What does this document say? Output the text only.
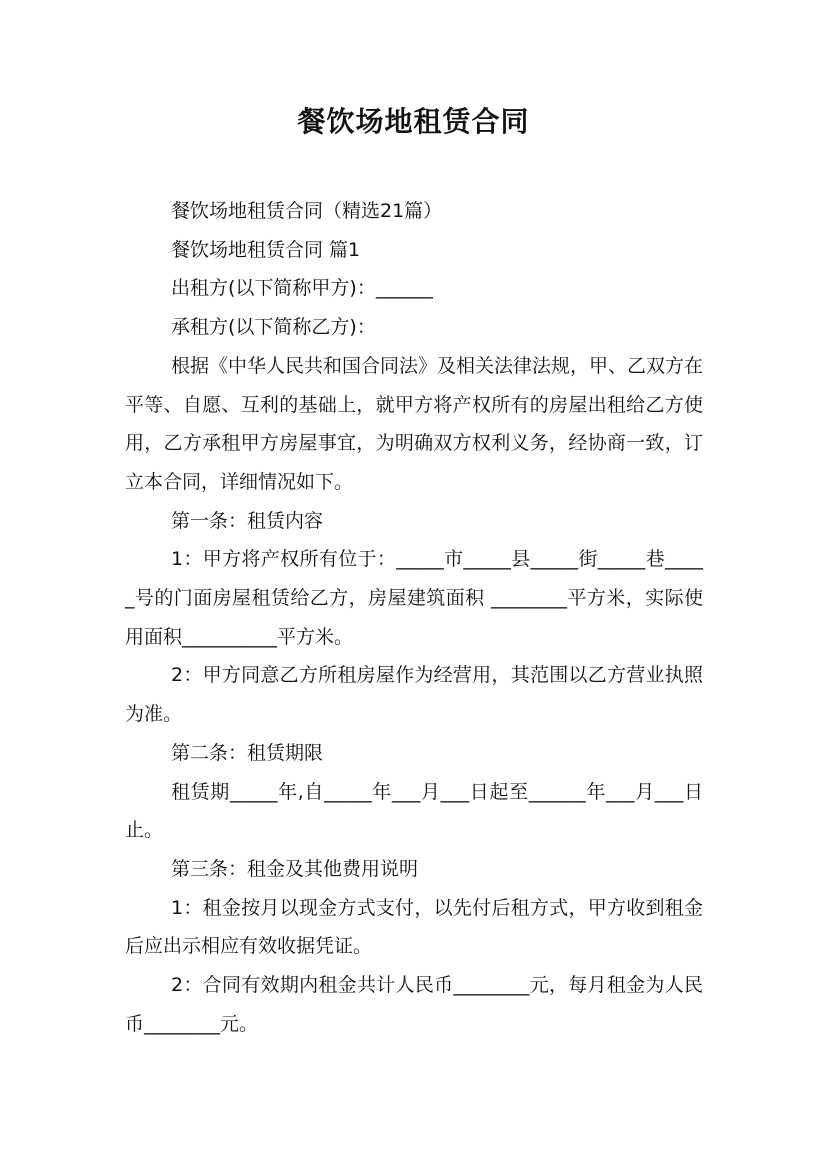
餐饮场地租赁合同

餐饮场地租赁合同（精选21篇）

餐饮场地租赁合同 篇1

出租方(以下简称甲方)：______

承租方(以下简称乙方)：

根据《中华人民共和国合同法》及相关法律法规，甲、乙双方在平等、自愿、互利的基础上，就甲方将产权所有的房屋出租给乙方使用，乙方承租甲方房屋事宜，为明确双方权利义务，经协商一致，订立本合同，详细情况如下。

第一条：租赁内容

1：甲方将产权所有位于：_____市_____县_____街_____巷_____号的门面房屋租赁给乙方，房屋建筑面积 ________平方米，实际使用面积__________平方米。

2：甲方同意乙方所租房屋作为经营用，其范围以乙方营业执照为准。

第二条：租赁期限

租赁期_____年,自_____年___月___日起至______年___月___日止。

第三条：租金及其他费用说明

1：租金按月以现金方式支付，以先付后租方式，甲方收到租金后应出示相应有效收据凭证。

2：合同有效期内租金共计人民币________元，每月租金为人民币________元。
